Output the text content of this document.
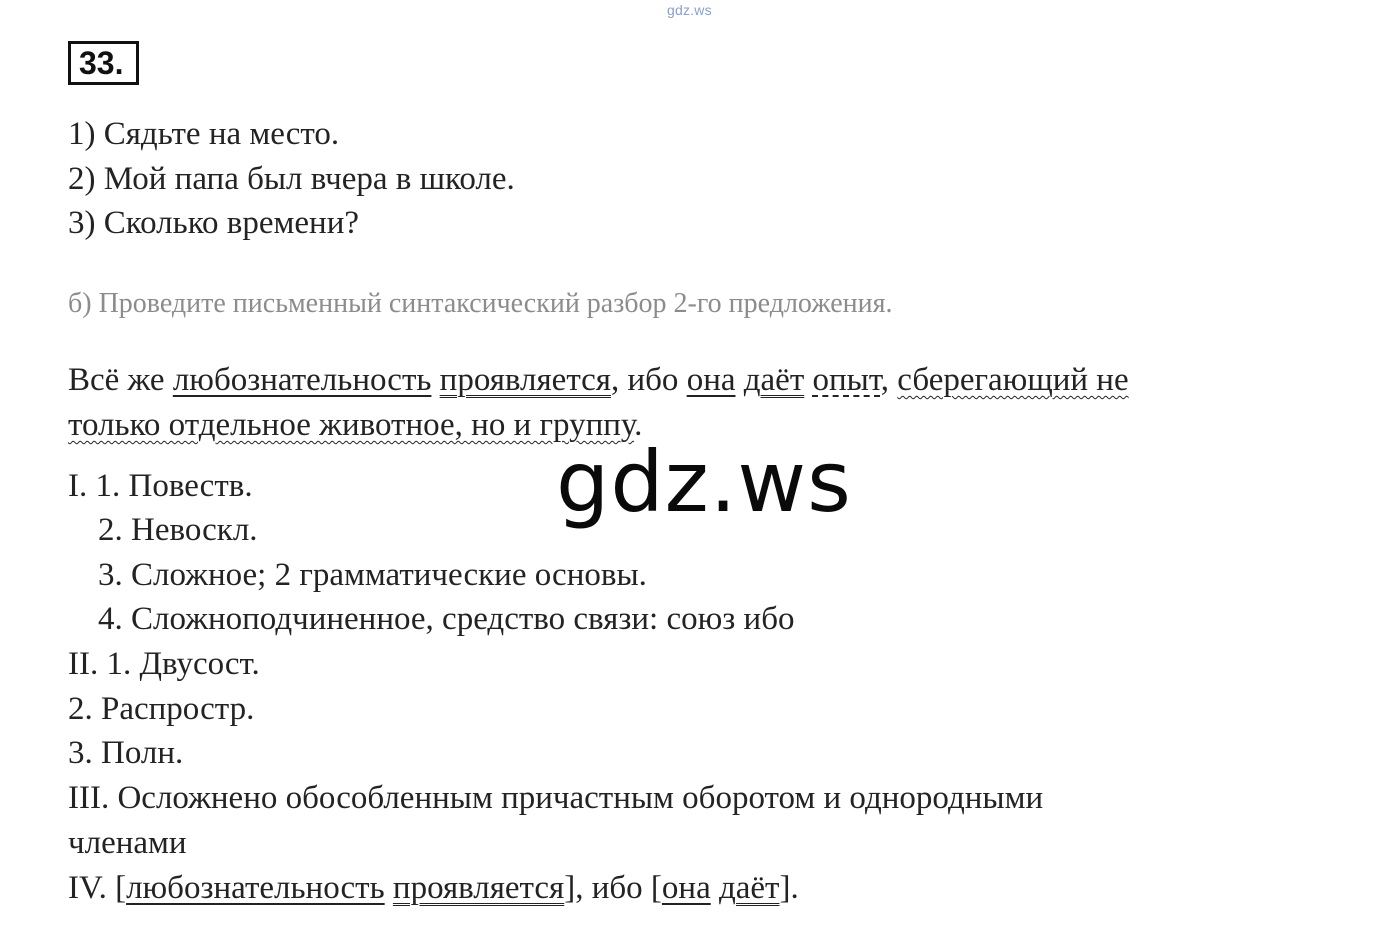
gdz.ws
33.
1) Сядьте на место.
2) Мой папа был вчера в школе.
3) Сколько времени?
б) Проведите письменный синтаксический разбор 2-го предложения.
Всё же любознательность проявляется, ибо она даёт опыт, сберегающий не
только отдельное животное, но и группу.
I. 1. Повеств.
2. Невоскл.
3. Сложное; 2 грамматические основы.
4. Сложноподчиненное, средство связи: союз ибо
II. 1. Двусост.
2. Распростр.
3. Полн.
III. Осложнено обособленным причастным оборотом и однородными
членами
IV. [любознательность проявляется], ибо [она даёт].
gdz.ws
